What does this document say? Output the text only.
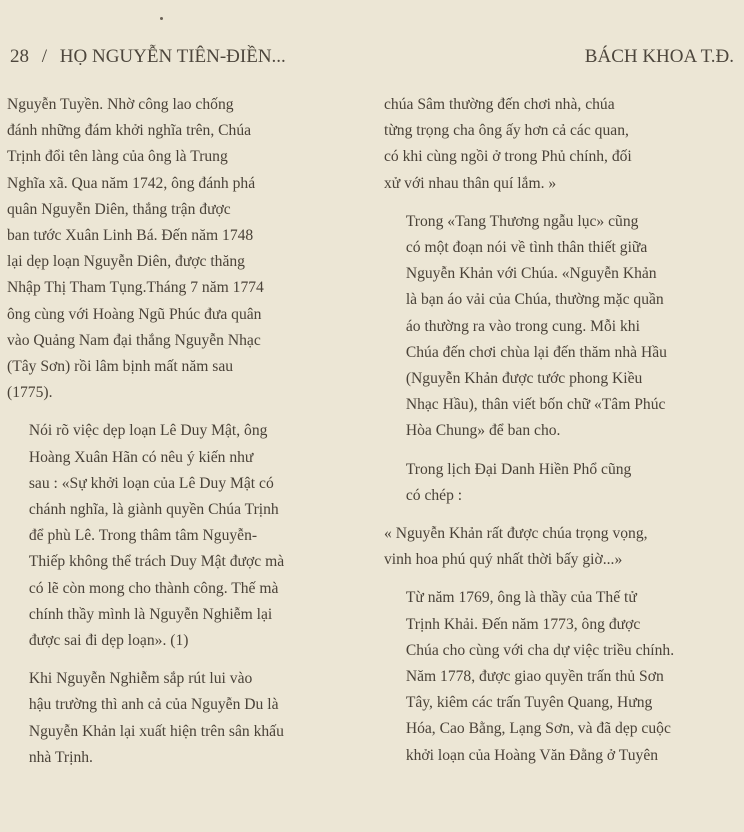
28 / HỌ NGUYỄN TIÊN-ĐIỀN...	BÁCH KHOA T.Đ.

Nguyễn Tuyền. Nhờ công lao chống
đánh những đám khởi nghĩa trên, Chúa
Trịnh đổi tên làng của ông là Trung
Nghĩa xã. Qua năm 1742, ông đánh phá
quân Nguyễn Diên, thắng trận được
ban tước Xuân Linh Bá. Đến năm 1748
lại dẹp loạn Nguyễn Diên, được thăng
Nhập Thị Tham Tụng.Tháng 7 năm 1774
ông cùng với Hoàng Ngũ Phúc đưa quân
vào Quảng Nam đại thắng Nguyễn Nhạc
(Tây Sơn) rồi lâm bịnh mất năm sau
(1775).

Nói rõ việc dẹp loạn Lê Duy Mật, ông
Hoàng Xuân Hãn có nêu ý kiến như
sau : «Sự khởi loạn của Lê Duy Mật có
chánh nghĩa, là giành quyền Chúa Trịnh
để phù Lê. Trong thâm tâm Nguyễn-
Thiếp không thể trách Duy Mật được mà
có lẽ còn mong cho thành công. Thế mà
chính thầy mình là Nguyễn Nghiễm lại
được sai đi dẹp loạn». (1)

Khi Nguyễn Nghiễm sắp rút lui vào
hậu trường thì anh cả của Nguyễn Du là
Nguyễn Khản lại xuất hiện trên sân khấu
nhà Trịnh.

chúa Sâm thường đến chơi nhà, chúa
từng trọng cha ông ấy hơn cả các quan,
có khi cùng ngồi ở trong Phủ chính, đối
xử với nhau thân quí lắm. »

Trong «Tang Thương ngẫu lục» cũng
có một đoạn nói về tình thân thiết giữa
Nguyễn Khản với Chúa. «Nguyễn Khản
là bạn áo vải của Chúa, thường mặc quần
áo thường ra vào trong cung. Mỗi khi
Chúa đến chơi chùa lại đến thăm nhà Hầu
(Nguyễn Khản được tước phong Kiều
Nhạc Hầu), thân viết bốn chữ «Tâm Phúc
Hòa Chung» để ban cho.

Trong lịch Đại Danh Hiền Phổ cũng
có chép :

« Nguyễn Khản rất được chúa trọng vọng,
vinh hoa phú quý nhất thời bấy giờ...»

Từ năm 1769, ông là thầy của Thế tử
Trịnh Khải. Đến năm 1773, ông được
Chúa cho cùng với cha dự việc triều chính.
Năm 1778, được giao quyền trấn thủ Sơn
Tây, kiêm các trấn Tuyên Quang, Hưng
Hóa, Cao Bằng, Lạng Sơn, và đã dẹp cuộc
khởi loạn của Hoàng Văn Đằng ở Tuyên
